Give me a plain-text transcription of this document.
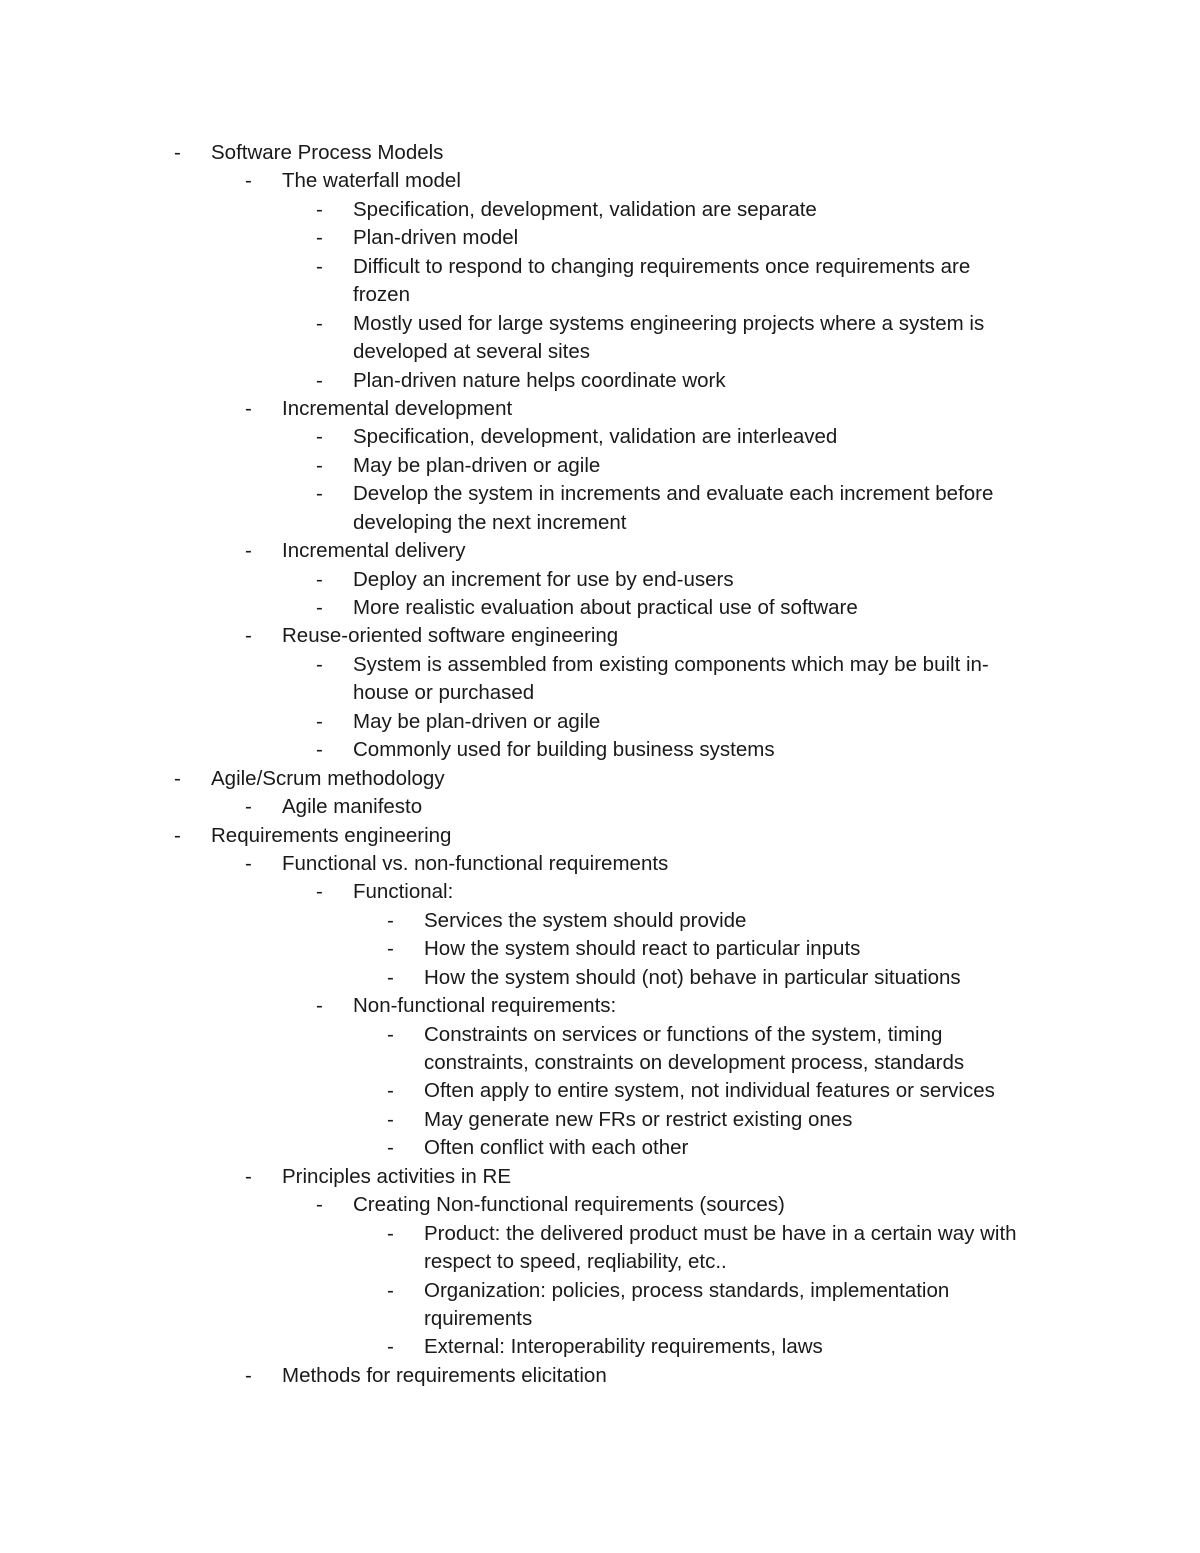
- Software Process Models
- The waterfall model
- Specification, development, validation are separate
- Plan-driven model
- Difficult to respond to changing requirements once requirements are
frozen
- Mostly used for large systems engineering projects where a system is
developed at several sites
- Plan-driven nature helps coordinate work
- Incremental development
- Specification, development, validation are interleaved
- May be plan-driven or agile
- Develop the system in increments and evaluate each increment before
developing the next increment
- Incremental delivery
- Deploy an increment for use by end-users
- More realistic evaluation about practical use of software
- Reuse-oriented software engineering
- System is assembled from existing components which may be built in-
house or purchased
- May be plan-driven or agile
- Commonly used for building business systems
- Agile/Scrum methodology
- Agile manifesto
- Requirements engineering
- Functional vs. non-functional requirements
- Functional:
- Services the system should provide
- How the system should react to particular inputs
- How the system should (not) behave in particular situations
- Non-functional requirements:
- Constraints on services or functions of the system, timing
constraints, constraints on development process, standards
- Often apply to entire system, not individual features or services
- May generate new FRs or restrict existing ones
- Often conflict with each other
- Principles activities in RE
- Creating Non-functional requirements (sources)
- Product: the delivered product must be have in a certain way with
respect to speed, reqliability, etc..
- Organization: policies, process standards, implementation
rquirements
- External: Interoperability requirements, laws
- Methods for requirements elicitation
